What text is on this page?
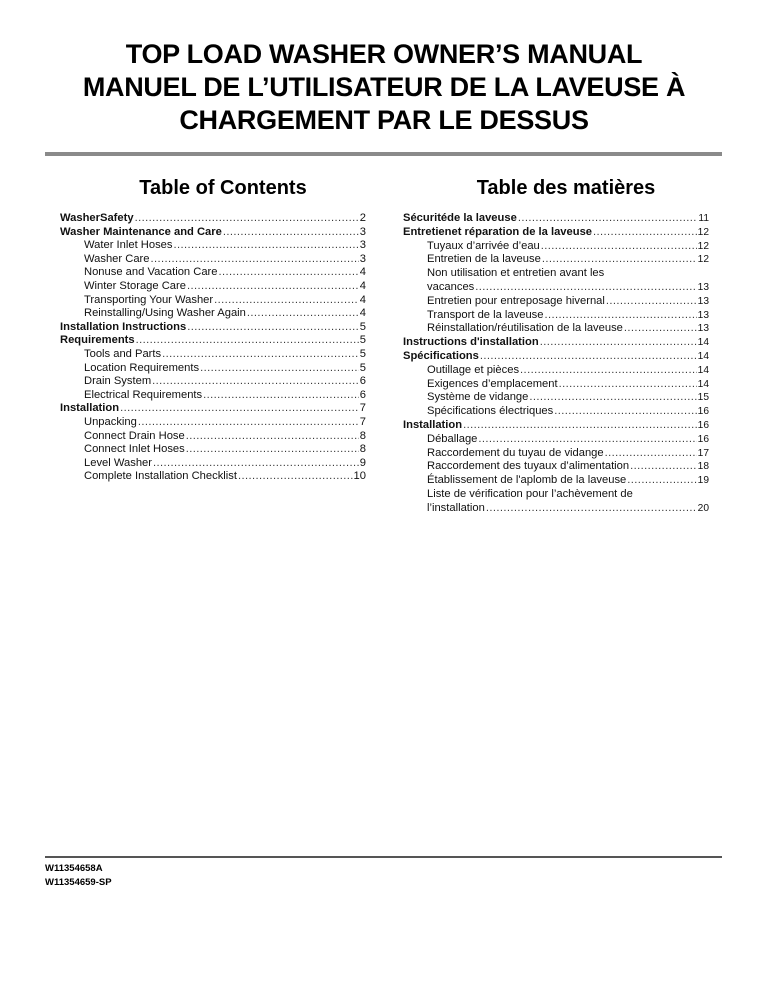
TOP LOAD WASHER OWNER’S MANUAL
MANUEL DE L’UTILISATEUR DE LA LAVEUSE À
CHARGEMENT PAR LE DESSUS
Table of Contents
WasherSafety .....	2
Washer Maintenance and Care .....	3
Water Inlet Hoses .....	3
Washer Care .....	3
Nonuse and Vacation Care .....	4
Winter Storage Care .....	4
Transporting Your Washer .....	4
Reinstalling/Using Washer Again .....	4
Installation Instructions .....	5
Requirements .....	5
Tools and Parts .....	5
Location Requirements .....	5
Drain System .....	6
Electrical Requirements .....	6
Installation .....	7
Unpacking .....	7
Connect Drain Hose .....	8
Connect Inlet Hoses .....	8
Level Washer .....	9
Complete Installation Checklist .....	10
Table des matières
Sécuritéde la laveuse .....	11
Entretienet réparation de la laveuse .....	12
Tuyaux d’arrivée d’eau .....	12
Entretien de la laveuse .....	12
Non utilisation et entretien avant les
vacances .....	13
Entretien pour entreposage hivernal .....	13
Transport de la laveuse .....	13
Réinstallation/réutilisation de la laveuse .....	13
Instructions d'installation .....	14
Spécifications .....	14
Outillage et pièces .....	14
Exigences d’emplacement .....	14
Système de vidange .....	15
Spécifications électriques .....	16
Installation .....	16
Déballage .....	16
Raccordement du tuyau de vidange .....	17
Raccordement des tuyaux d’alimentation .....	18
Établissement de l'aplomb de la laveuse .....	19
Liste de vérification pour l’achèvement de
l’installation .....	20
W11354658A
W11354659-SP
